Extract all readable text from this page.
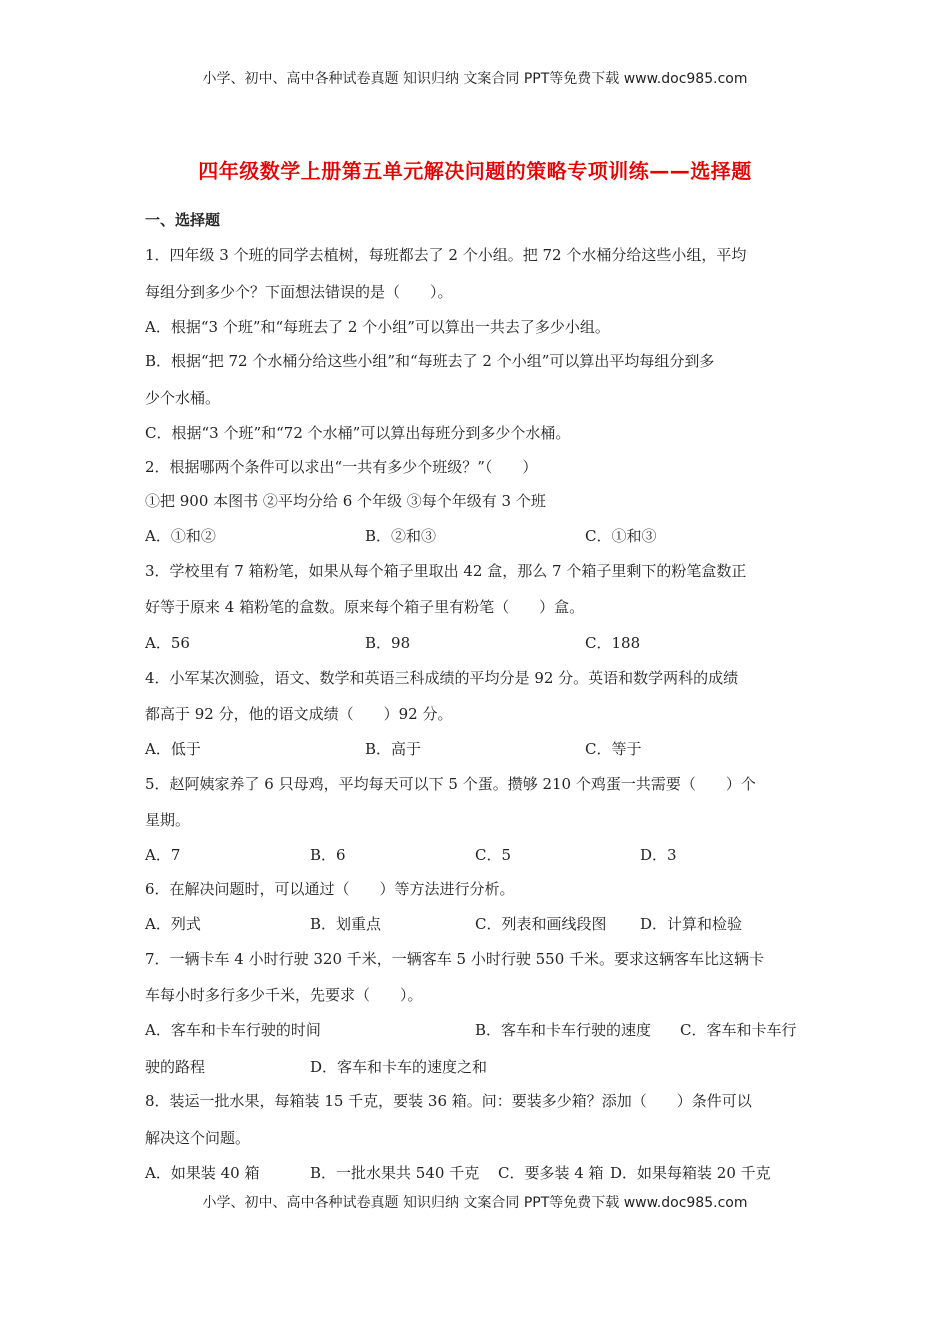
小学、初中、高中各种试卷真题 知识归纳 文案合同 PPT等免费下载 www.doc985.com
四年级数学上册第五单元解决问题的策略专项训练——选择题
一、选择题
1．四年级 3 个班的同学去植树，每班都去了 2 个小组。把 72 个水桶分给这些小组，平均
每组分到多少个？下面想法错误的是（　　）。
A．根据“3 个班”和“每班去了 2 个小组”可以算出一共去了多少小组。
B．根据“把 72 个水桶分给这些小组”和“每班去了 2 个小组”可以算出平均每组分到多
少个水桶。
C．根据“3 个班”和“72 个水桶”可以算出每班分到多少个水桶。
2．根据哪两个条件可以求出“一共有多少个班级？”（　　）
①把 900 本图书 ②平均分给 6 个年级 ③每个年级有 3 个班
A．①和②	B．②和③	C．①和③
3．学校里有 7 箱粉笔，如果从每个箱子里取出 42 盒，那么 7 个箱子里剩下的粉笔盒数正
好等于原来 4 箱粉笔的盒数。原来每个箱子里有粉笔（　　）盒。
A．56	B．98	C．188
4．小军某次测验，语文、数学和英语三科成绩的平均分是 92 分。英语和数学两科的成绩
都高于 92 分，他的语文成绩（　　）92 分。
A．低于	B．高于	C．等于
5．赵阿姨家养了 6 只母鸡，平均每天可以下 5 个蛋。攒够 210 个鸡蛋一共需要（　　）个
星期。
A．7	B．6	C．5	D．3
6．在解决问题时，可以通过（　　）等方法进行分析。
A．列式	B．划重点	C．列表和画线段图 D．计算和检验
7．一辆卡车 4 小时行驶 320 千米，一辆客车 5 小时行驶 550 千米。要求这辆客车比这辆卡
车每小时多行多少千米，先要求（　　）。
A．客车和卡车行驶的时间	B．客车和卡车行驶的速度 C．客车和卡车行
驶的路程	D．客车和卡车的速度之和
8．装运一批水果，每箱装 15 千克，要装 36 箱。问：要装多少箱？添加（　　）条件可以
解决这个问题。
A．如果装 40 箱	B．一批水果共 540 千克 C．要多装 4 箱 D．如果每箱装 20 千克
小学、初中、高中各种试卷真题 知识归纳 文案合同 PPT等免费下载 www.doc985.com
